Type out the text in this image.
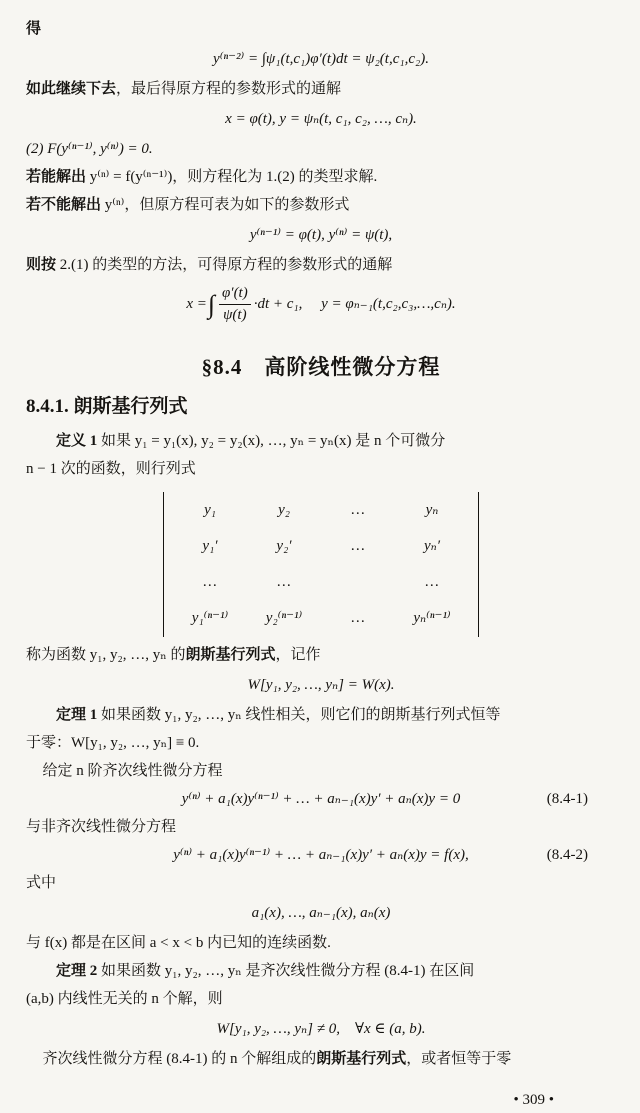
得
y⁽ⁿ⁻²⁾ = ∫ψ₁(t,c₁)φ′(t)dt = ψ₂(t,c₁,c₂).
如此继续下去，最后得原方程的参数形式的通解
x = φ(t), y = ψₙ(t, c₁, c₂, …, cₙ).
(2) F(y⁽ⁿ⁻¹⁾, y⁽ⁿ⁾) = 0.
若能解出 y⁽ⁿ⁾ = f(y⁽ⁿ⁻¹⁾)，则方程化为 1.(2) 的类型求解.
若不能解出 y⁽ⁿ⁾，但原方程可表为如下的参数形式
y⁽ⁿ⁻¹⁾ = φ(t), y⁽ⁿ⁾ = ψ(t),
则按 2.(1) 的类型的方法，可得原方程的参数形式的通解
x = ∫ $\frac{\varphi'(t)}{\psi(t)} \cdot dt + c_1$,　 y = φₙ₋₁(t,c₂,c₃,…,cₙ).
§8.4　高阶线性微分方程
8.4.1. 朗斯基行列式
定义 1 如果 y₁ = y₁(x), y₂ = y₂(x), …, yₙ = yₙ(x) 是 n 个可微分
n − 1 次的函数，则行列式
y₁	y₂	…	yₙ
y₁′	y₂′	…	yₙ′
…	…	…
y₁⁽ⁿ⁻¹⁾	y₂⁽ⁿ⁻¹⁾	…	yₙ⁽ⁿ⁻¹⁾
称为函数 y₁, y₂, …, yₙ 的朗斯基行列式，记作
W[y₁, y₂, …, yₙ] = W(x).
定理 1 如果函数 y₁, y₂, …, yₙ 线性相关，则它们的朗斯基行列式恒等
于零：W[y₁, y₂, …, yₙ] ≡ 0.
给定 n 阶齐次线性微分方程
y⁽ⁿ⁾ + a₁(x)y⁽ⁿ⁻¹⁾ + … + aₙ₋₁(x)y′ + aₙ(x)y = 0	(8.4-1)
与非齐次线性微分方程
y⁽ⁿ⁾ + a₁(x)y⁽ⁿ⁻¹⁾ + … + aₙ₋₁(x)y′ + aₙ(x)y = f(x),	(8.4-2)
式中
a₁(x), …, aₙ₋₁(x), aₙ(x)
与 f(x) 都是在区间 a < x < b 内已知的连续函数.
定理 2 如果函数 y₁, y₂, …, yₙ 是齐次线性微分方程 (8.4-1) 在区间
(a,b) 内线性无关的 n 个解，则
W[y₁, y₂, …, yₙ] ≠ 0,　∀x ∈ (a, b).
齐次线性微分方程 (8.4-1) 的 n 个解组成的朗斯基行列式，或者恒等于零
• 309 •
